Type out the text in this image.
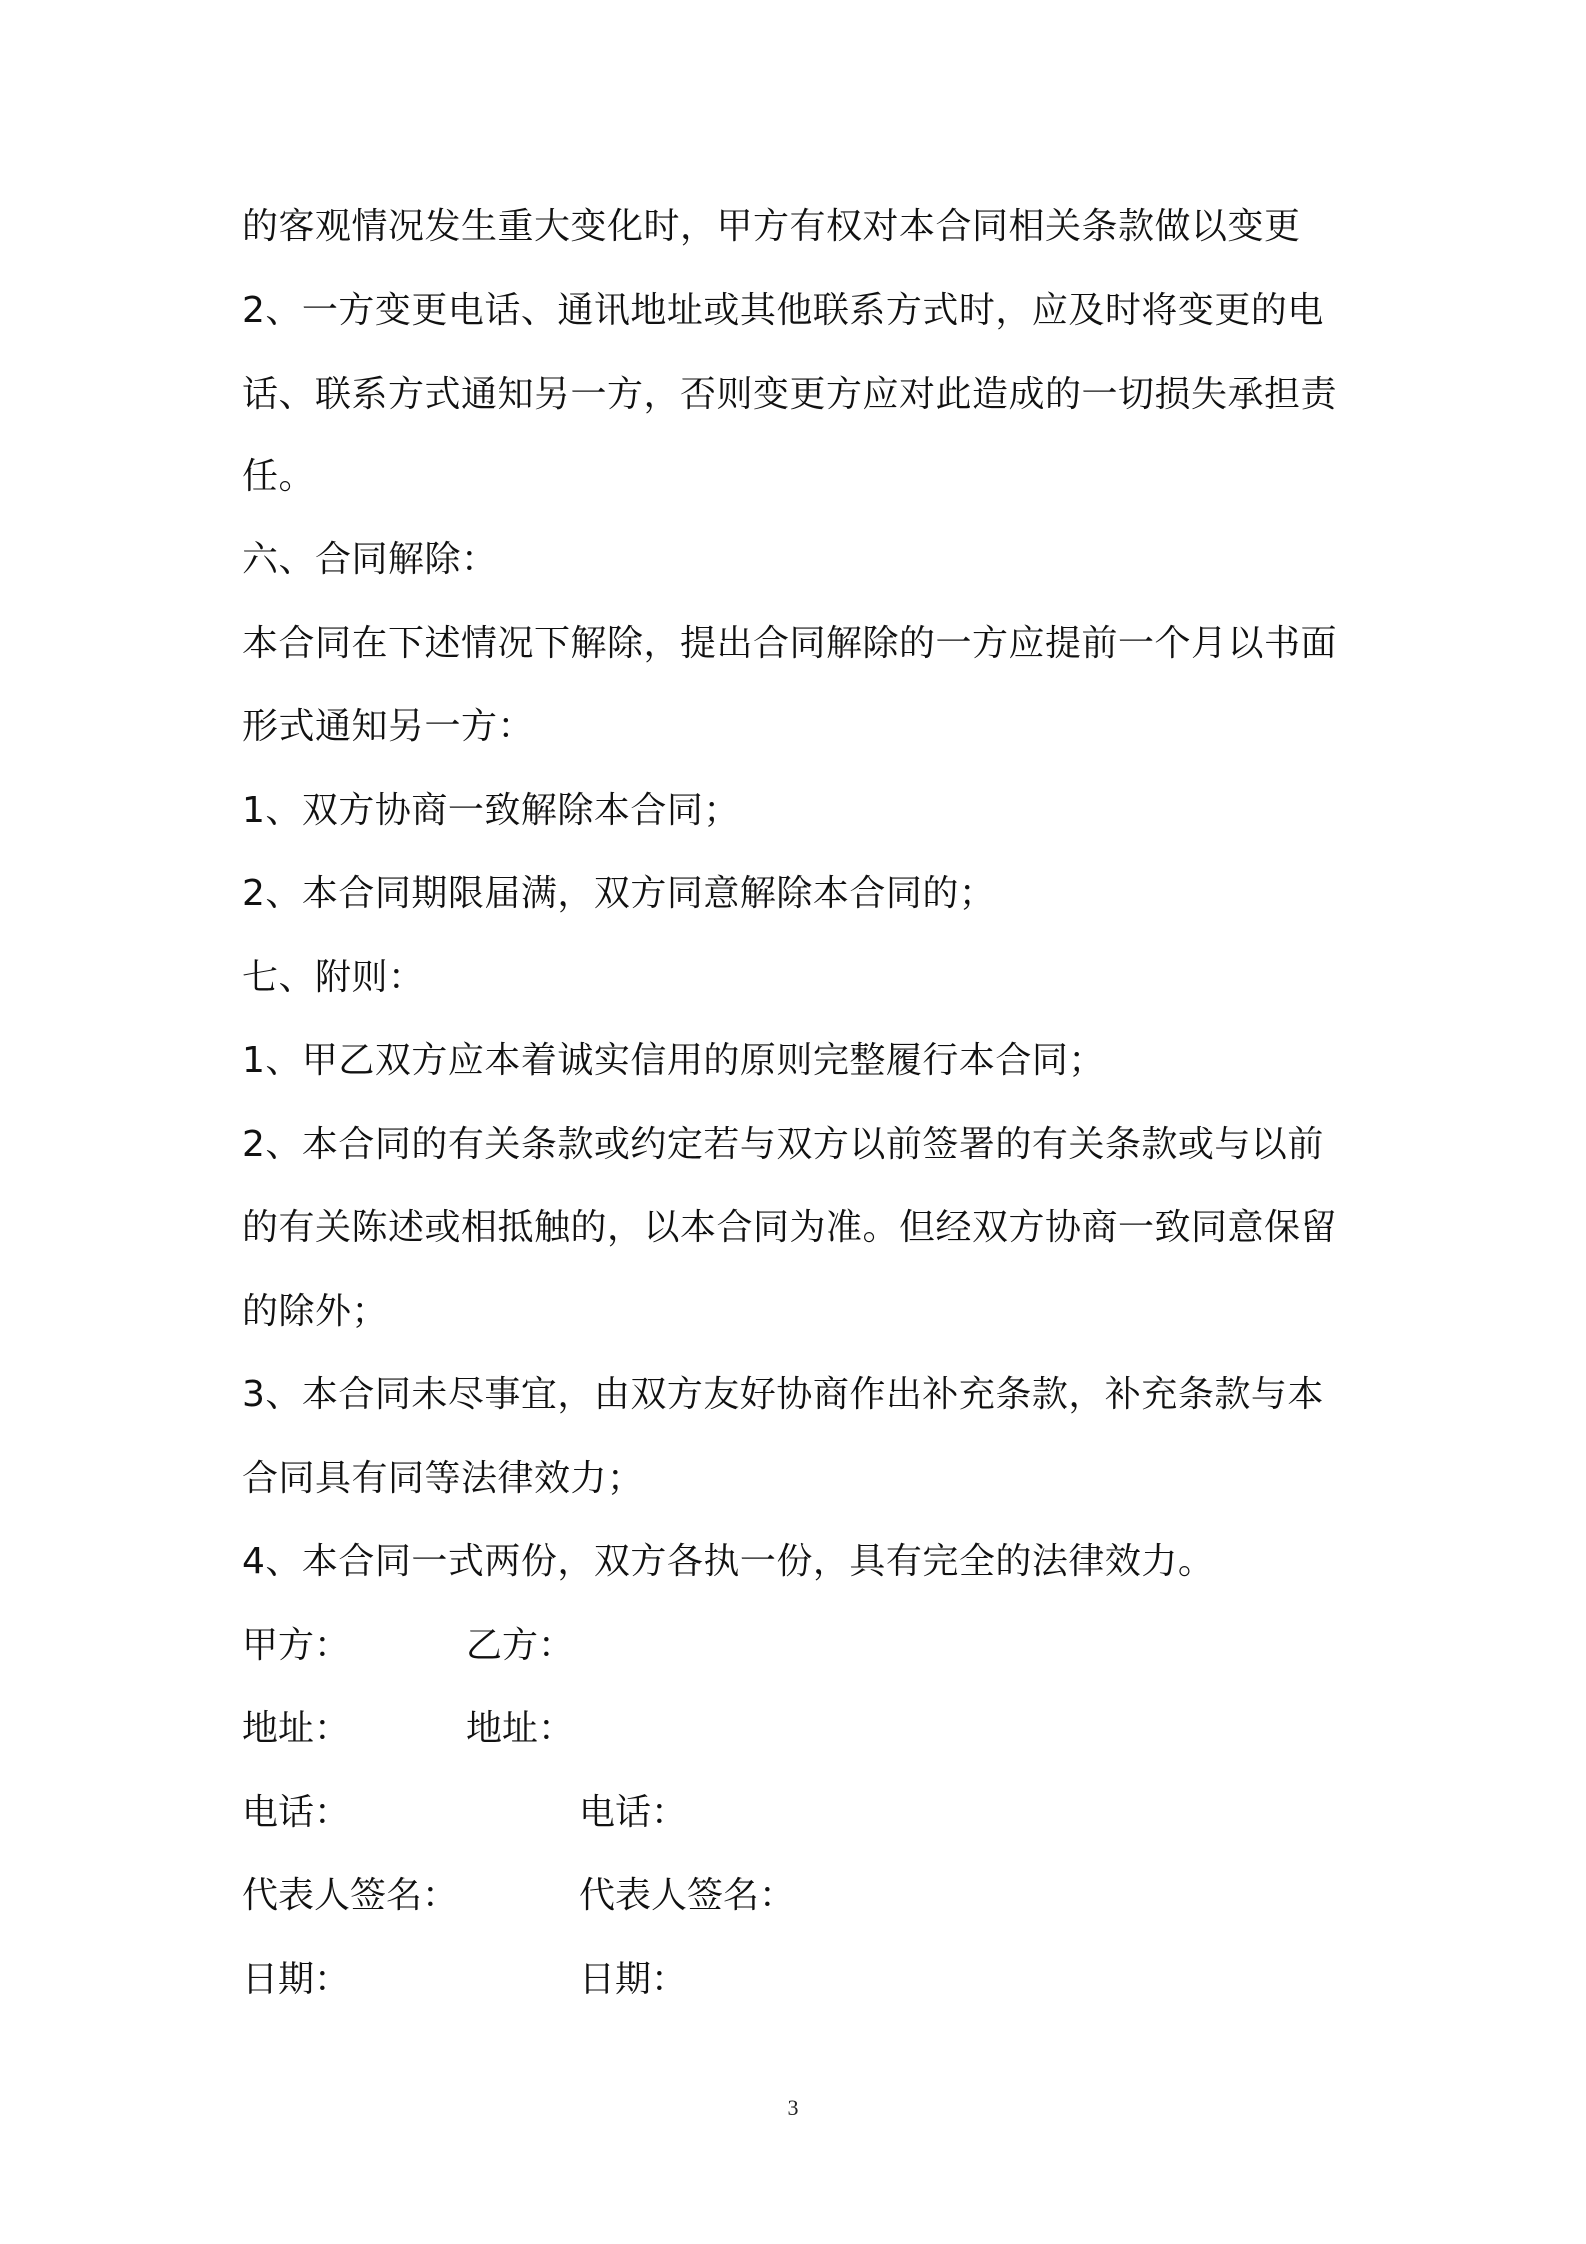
的客观情况发生重大变化时，甲方有权对本合同相关条款做以变更
2、一方变更电话、通讯地址或其他联系方式时，应及时将变更的电
话、联系方式通知另一方，否则变更方应对此造成的一切损失承担责
任。
六、合同解除：
本合同在下述情况下解除，提出合同解除的一方应提前一个月以书面
形式通知另一方：
1、双方协商一致解除本合同；
2、本合同期限届满，双方同意解除本合同的；
七、附则：
1、甲乙双方应本着诚实信用的原则完整履行本合同；
2、本合同的有关条款或约定若与双方以前签署的有关条款或与以前
的有关陈述或相抵触的，以本合同为准。但经双方协商一致同意保留
的除外；
3、本合同未尽事宜，由双方友好协商作出补充条款，补充条款与本
合同具有同等法律效力；
4、本合同一式两份，双方各执一份，具有完全的法律效力。
甲方：	乙方：
地址：	地址：
电话：	电话：
代表人签名：	代表人签名：
日期：	日期：
3
